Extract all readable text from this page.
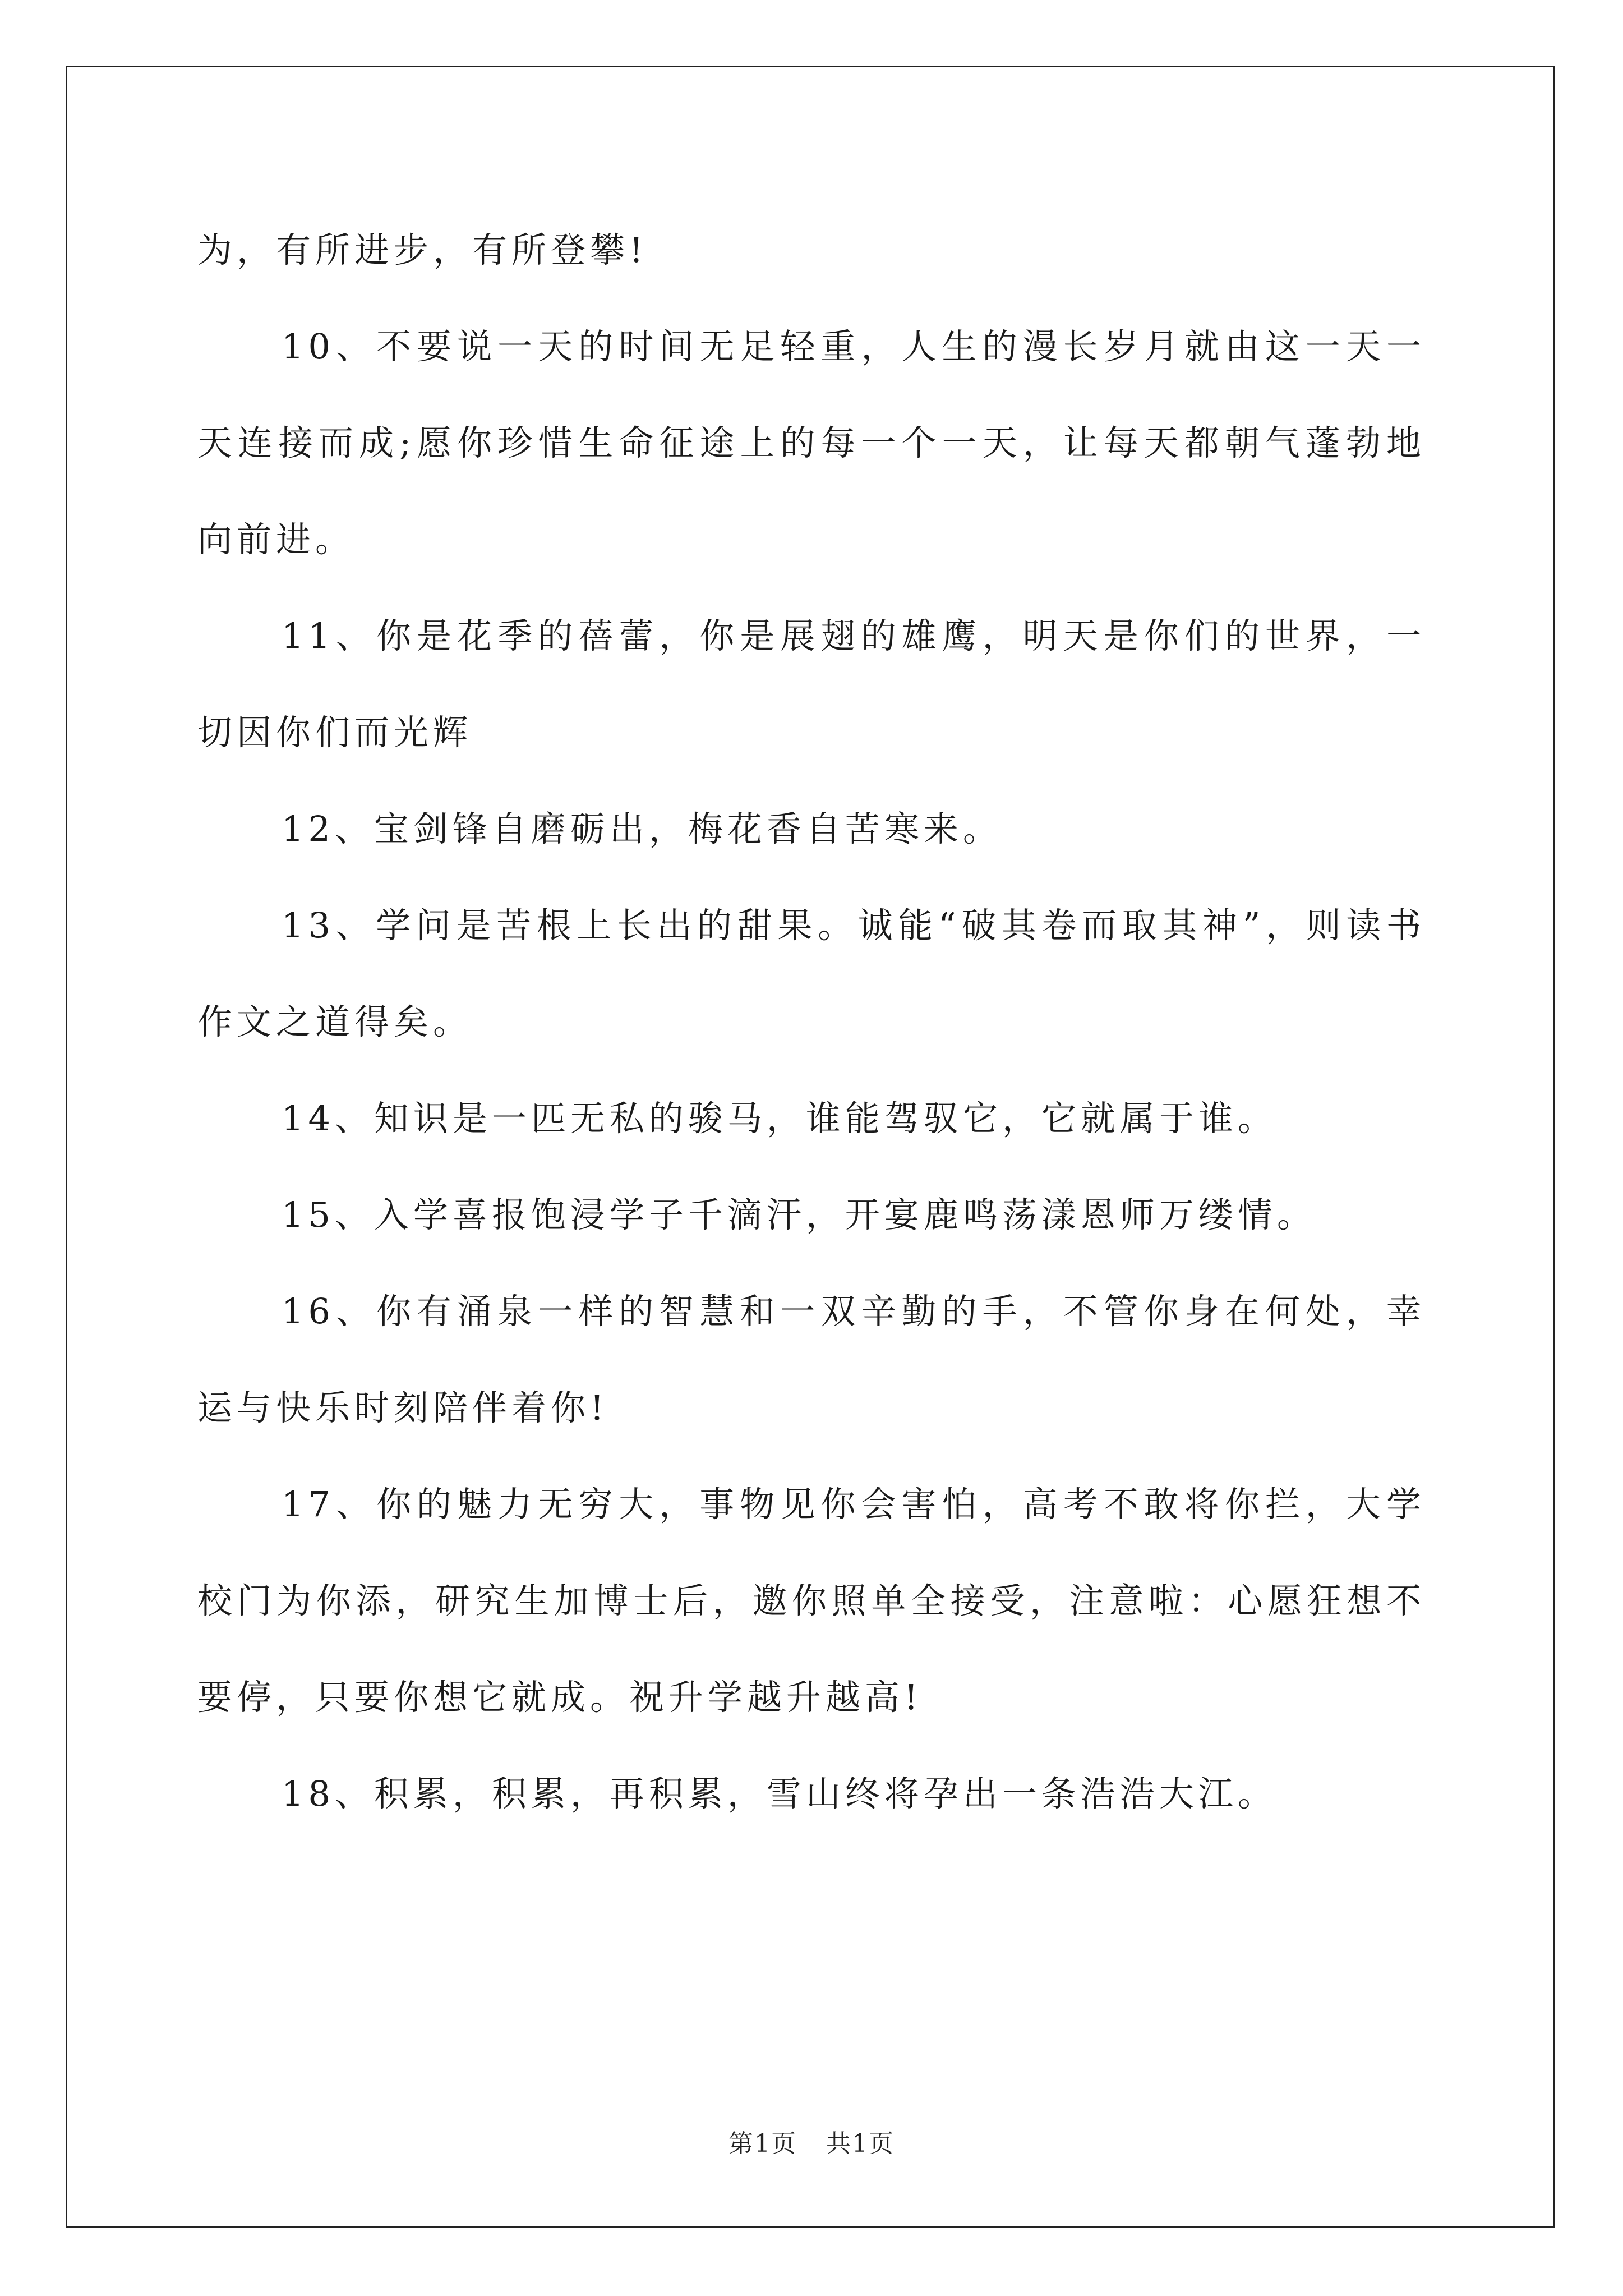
为，有所进步，有所登攀!

10、不要说一天的时间无足轻重，人生的漫长岁月就由这一天一天连接而成;愿你珍惜生命征途上的每一个一天，让每天都朝气蓬勃地向前进。

11、你是花季的蓓蕾，你是展翅的雄鹰，明天是你们的世界，一切因你们而光辉

12、宝剑锋自磨砺出，梅花香自苦寒来。

13、学问是苦根上长出的甜果。诚能“破其卷而取其神”，则读书作文之道得矣。

14、知识是一匹无私的骏马，谁能驾驭它，它就属于谁。

15、入学喜报饱浸学子千滴汗，开宴鹿鸣荡漾恩师万缕情。

16、你有涌泉一样的智慧和一双辛勤的手，不管你身在何处，幸运与快乐时刻陪伴着你!

17、你的魅力无穷大，事物见你会害怕，高考不敢将你拦，大学校门为你添，研究生加博士后，邀你照单全接受，注意啦：心愿狂想不要停，只要你想它就成。祝升学越升越高!

18、积累，积累，再积累，雪山终将孕出一条浩浩大江。

第1页 共1页
